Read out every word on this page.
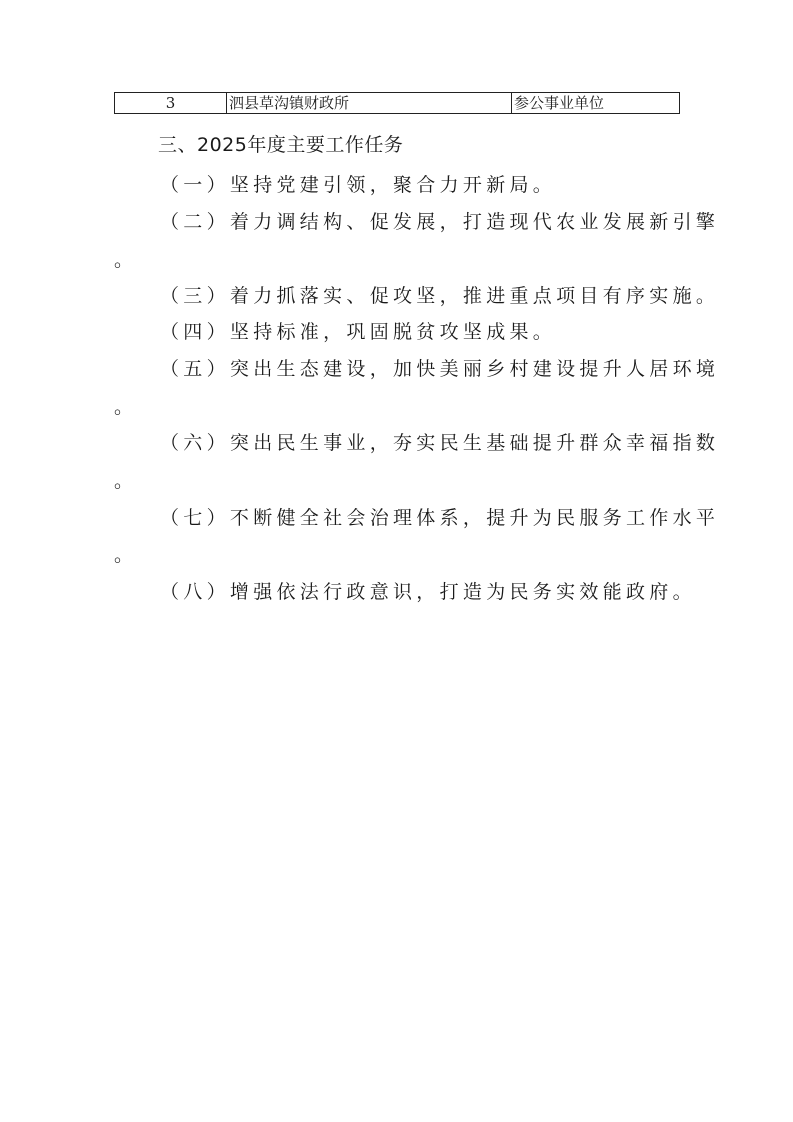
3	泗县草沟镇财政所	参公事业单位
三、2025年度主要工作任务
（一）坚持党建引领，聚合力开新局。
（二）着力调结构、促发展，打造现代农业发展新引擎
。
（三）着力抓落实、促攻坚，推进重点项目有序实施。
（四）坚持标准，巩固脱贫攻坚成果。
（五）突出生态建设，加快美丽乡村建设提升人居环境
。
（六）突出民生事业，夯实民生基础提升群众幸福指数
。
（七）不断健全社会治理体系，提升为民服务工作水平
。
（八）增强依法行政意识，打造为民务实效能政府。
